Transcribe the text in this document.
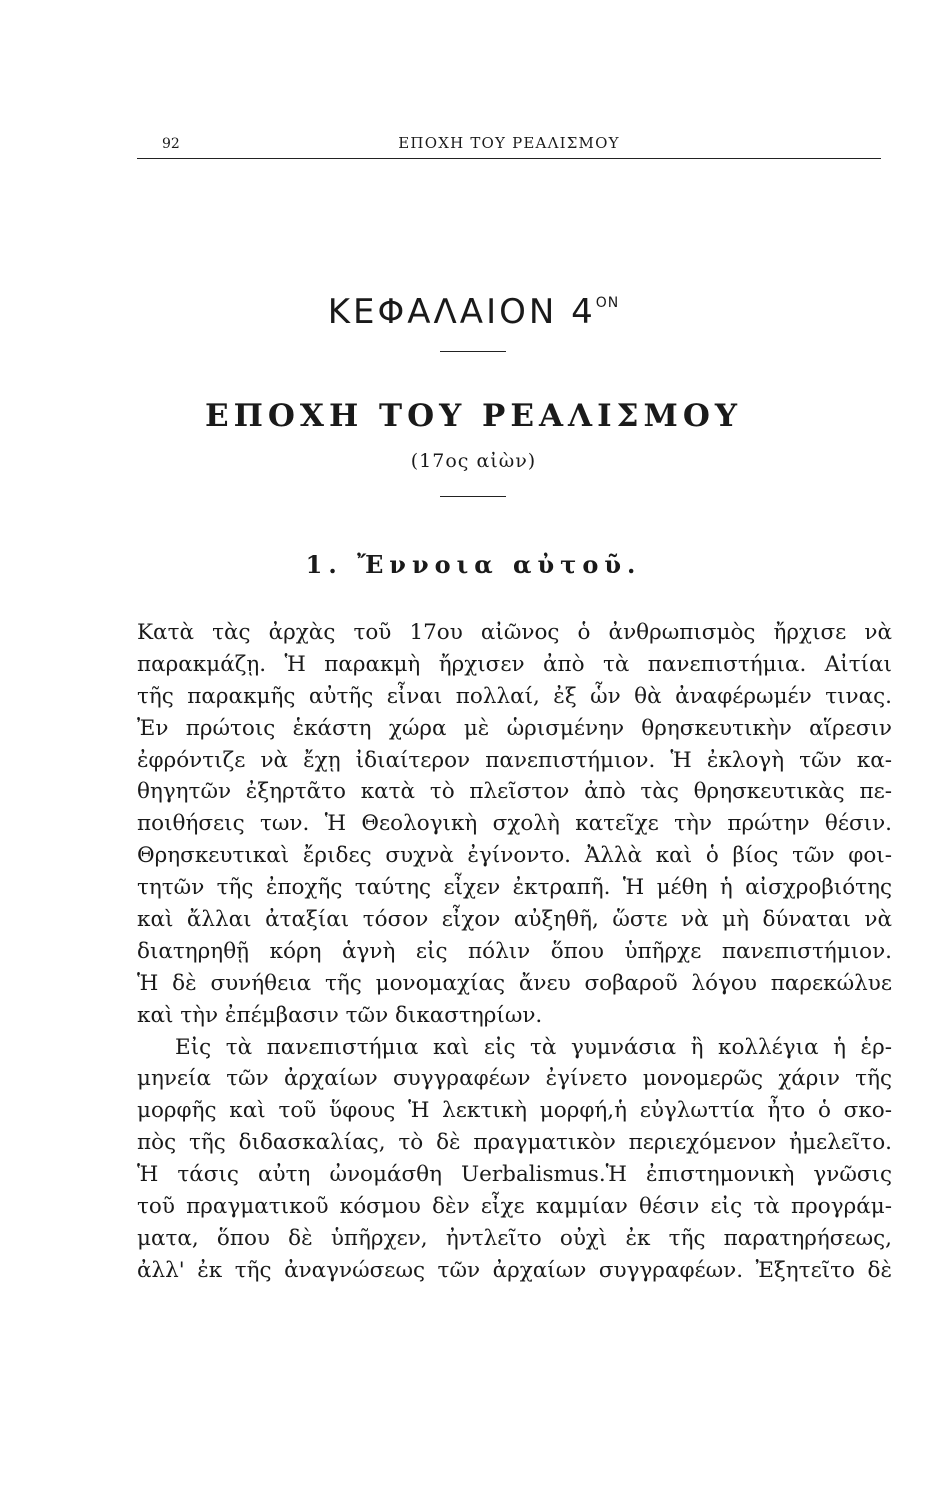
92	ΕΠΟΧΗ ΤΟΥ ΡΕΑΛΙΣΜΟΥ
ΚΕΦΑΛΑΙΟΝ $4^{ON}$
ΕΠΟΧΗ ΤΟΥ ΡΕΑΛΙΣΜΟΥ
(17ος αἰὼν)
1. Ἔννοια αὐτοῦ.
Κατὰ τὰς ἀρχὰς τοῦ 17ου αἰῶνος ὁ ἀνθρωπισμὸς ἤρχισε νὰ
παρακμάζῃ. Ἡ παρακμὴ ἤρχισεν ἀπὸ τὰ πανεπιστήμια. Αἰτίαι
τῆς παρακμῆς αὐτῆς εἶναι πολλαί, ἐξ ὧν θὰ ἀναφέρωμέν τινας.
Ἐν πρώτοις ἑκάστη χώρα μὲ ὡρισμένην θρησκευτικὴν αἵρεσιν
ἐφρόντιζε νὰ ἔχῃ ἰδιαίτερον πανεπιστήμιον. Ἡ ἐκλογὴ τῶν κα-
θηγητῶν ἐξηρτᾶτο κατὰ τὸ πλεῖστον ἀπὸ τὰς θρησκευτικὰς πε-
ποιθήσεις των. Ἡ Θεολογικὴ σχολὴ κατεῖχε τὴν πρώτην θέσιν.
Θρησκευτικαὶ ἔριδες συχνὰ ἐγίνοντο. Ἀλλὰ καὶ ὁ βίος τῶν φοι-
τητῶν τῆς ἐποχῆς ταύτης εἶχεν ἐκτραπῆ. Ἡ μέθη ἡ αἰσχροβιότης
καὶ ἄλλαι ἀταξίαι τόσον εἶχον αὐξηθῆ, ὥστε νὰ μὴ δύναται νὰ
διατηρηθῇ κόρη ἁγνὴ εἰς πόλιν ὅπου ὑπῆρχε πανεπιστήμιον.
Ἡ δὲ συνήθεια τῆς μονομαχίας ἄνευ σοβαροῦ λόγου παρεκώλυε
καὶ τὴν ἐπέμβασιν τῶν δικαστηρίων.
Εἰς τὰ πανεπιστήμια καὶ εἰς τὰ γυμνάσια ἢ κολλέγια ἡ ἑρ-
μηνεία τῶν ἀρχαίων συγγραφέων ἐγίνετο μονομερῶς χάριν τῆς
μορφῆς καὶ τοῦ ὕφους Ἡ λεκτικὴ μορφή,ἡ εὐγλωττία ἦτο ὁ σκο-
πὸς τῆς διδασκαλίας, τὸ δὲ πραγματικὸν περιεχόμενον ἠμελεῖτο.
Ἡ τάσις αὐτη ὠνομάσθη Uerbalismus.Ἡ ἐπιστημονικὴ γνῶσις
τοῦ πραγματικοῦ κόσμου δὲν εἶχε καμμίαν θέσιν εἰς τὰ προγράμ-
ματα, ὅπου δὲ ὑπῆρχεν, ἠντλεῖτο οὐχὶ ἐκ τῆς παρατηρήσεως,
ἀλλ' ἐκ τῆς ἀναγνώσεως τῶν ἀρχαίων συγγραφέων. Ἐξητεῖτο δὲ
